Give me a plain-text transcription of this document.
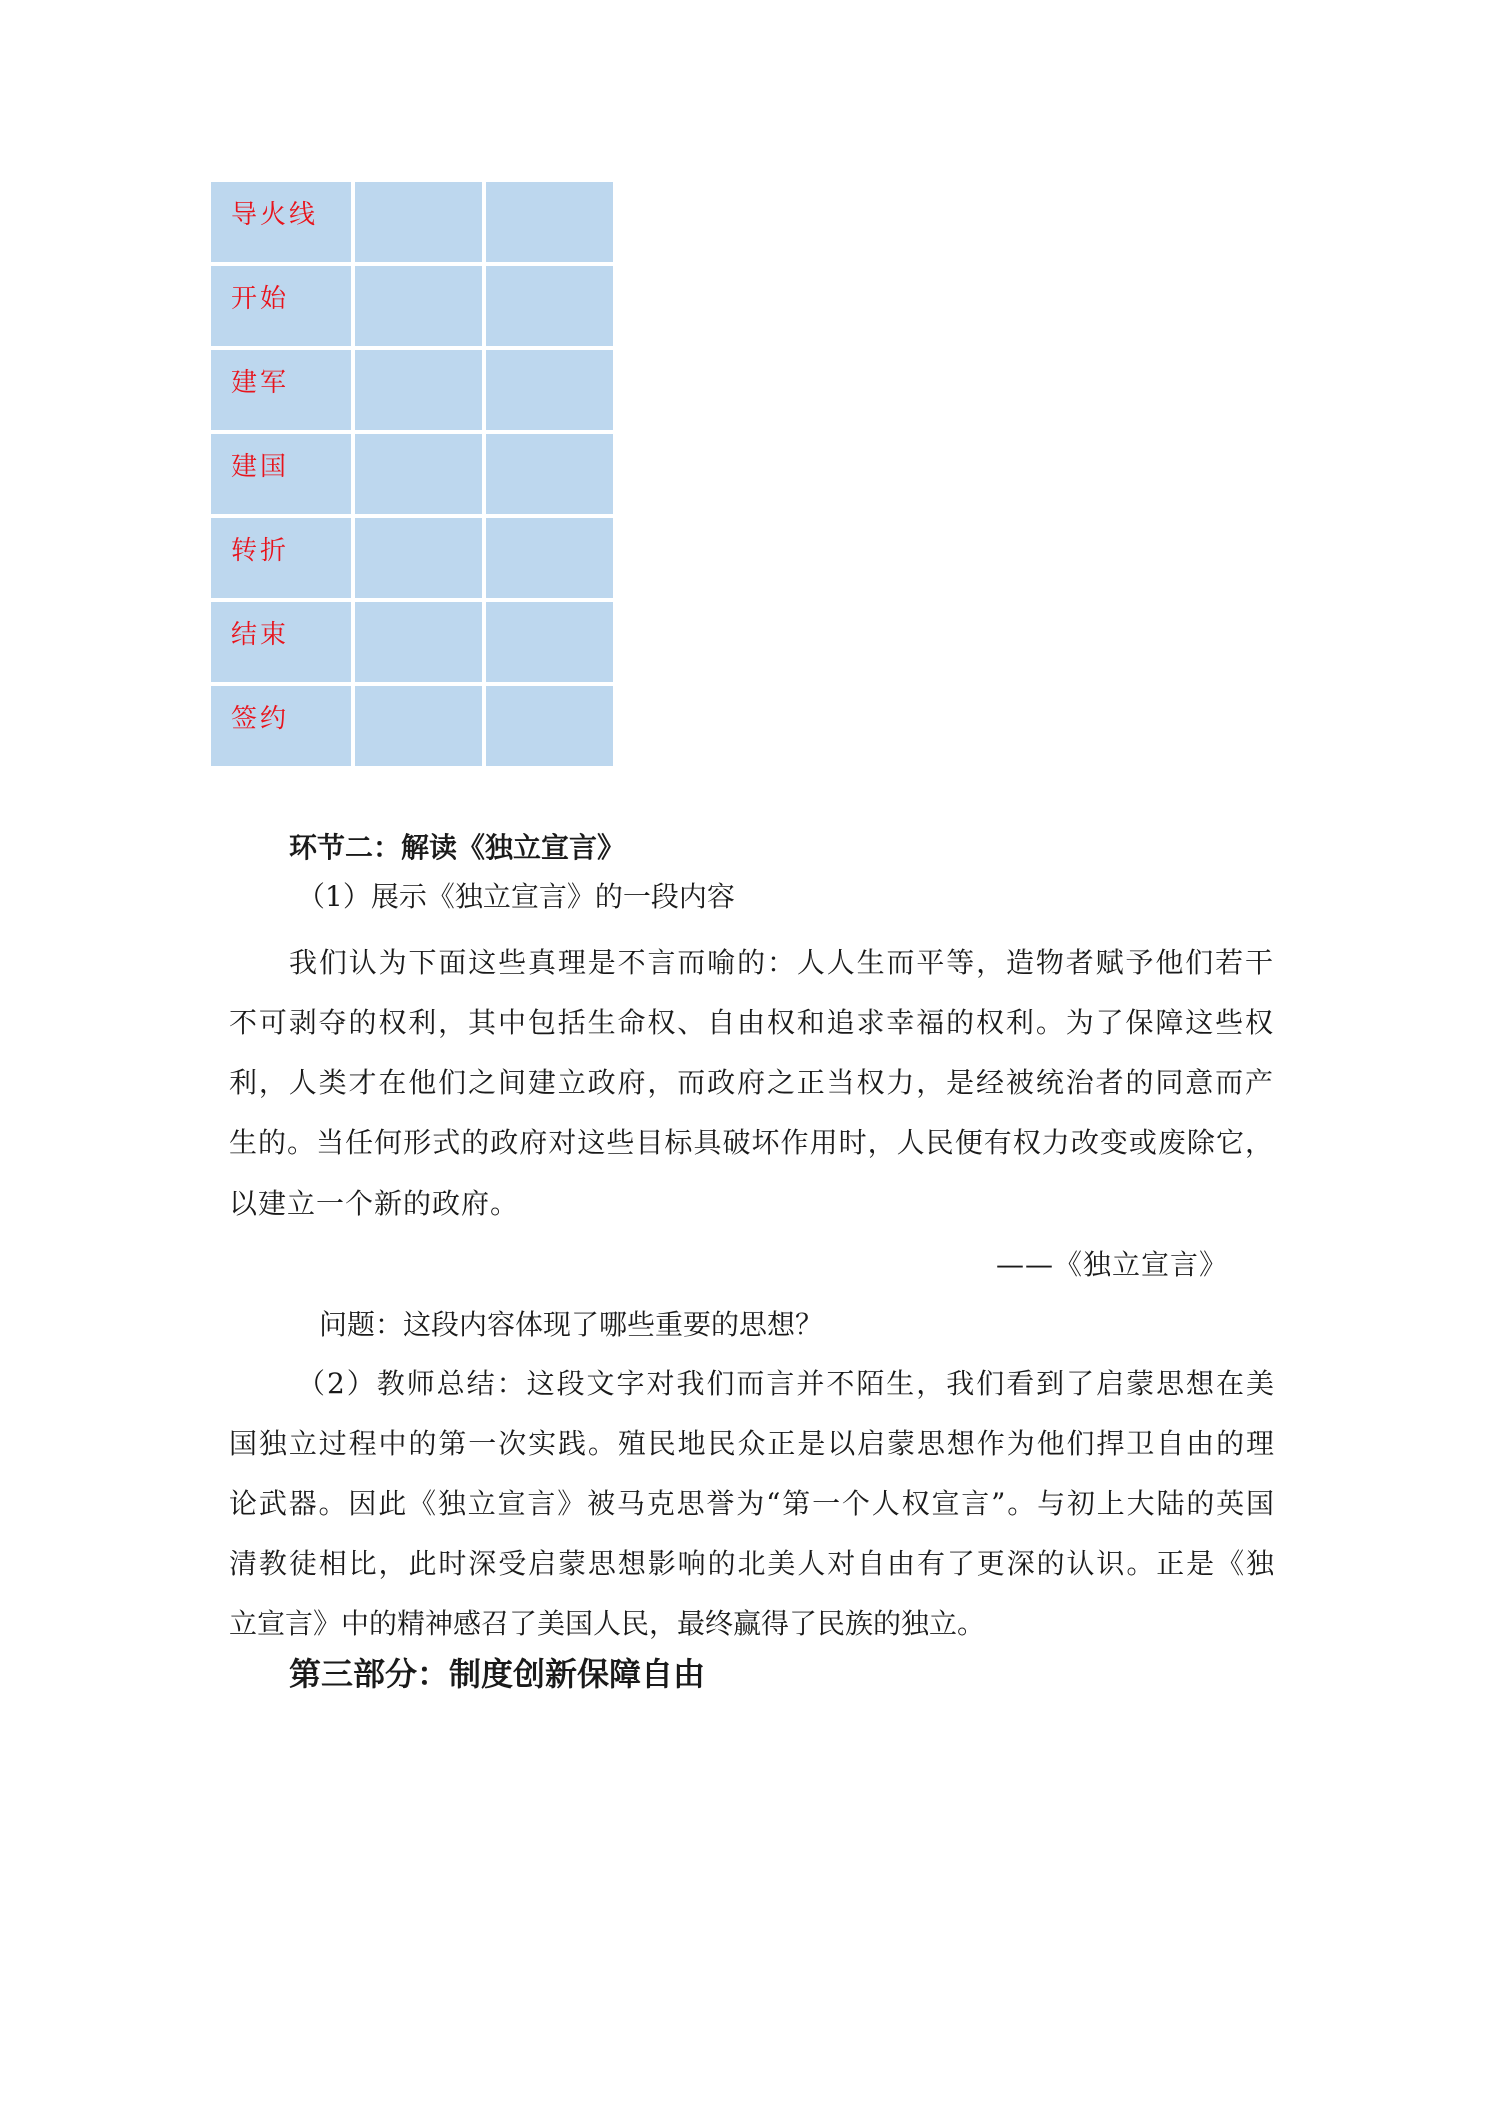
导火线		

开始		

建军		

建国		

转折		

结束		

签约		

环节二：解读《独立宣言》
（1）展示《独立宣言》的一段内容
我们认为下面这些真理是不言而喻的：人人生而平等，造物者赋予他们若干
不可剥夺的权利，其中包括生命权、自由权和追求幸福的权利。为了保障这些权
利，人类才在他们之间建立政府，而政府之正当权力，是经被统治者的同意而产
生的。当任何形式的政府对这些目标具破坏作用时，人民便有权力改变或废除它，
以建立一个新的政府。
——《独立宣言》
问题：这段内容体现了哪些重要的思想？
（2）教师总结：这段文字对我们而言并不陌生，我们看到了启蒙思想在美
国独立过程中的第一次实践。殖民地民众正是以启蒙思想作为他们捍卫自由的理
论武器。因此《独立宣言》被马克思誉为“第一个人权宣言”。与初上大陆的英国
清教徒相比，此时深受启蒙思想影响的北美人对自由有了更深的认识。正是《独
立宣言》中的精神感召了美国人民，最终赢得了民族的独立。
第三部分：制度创新保障自由
